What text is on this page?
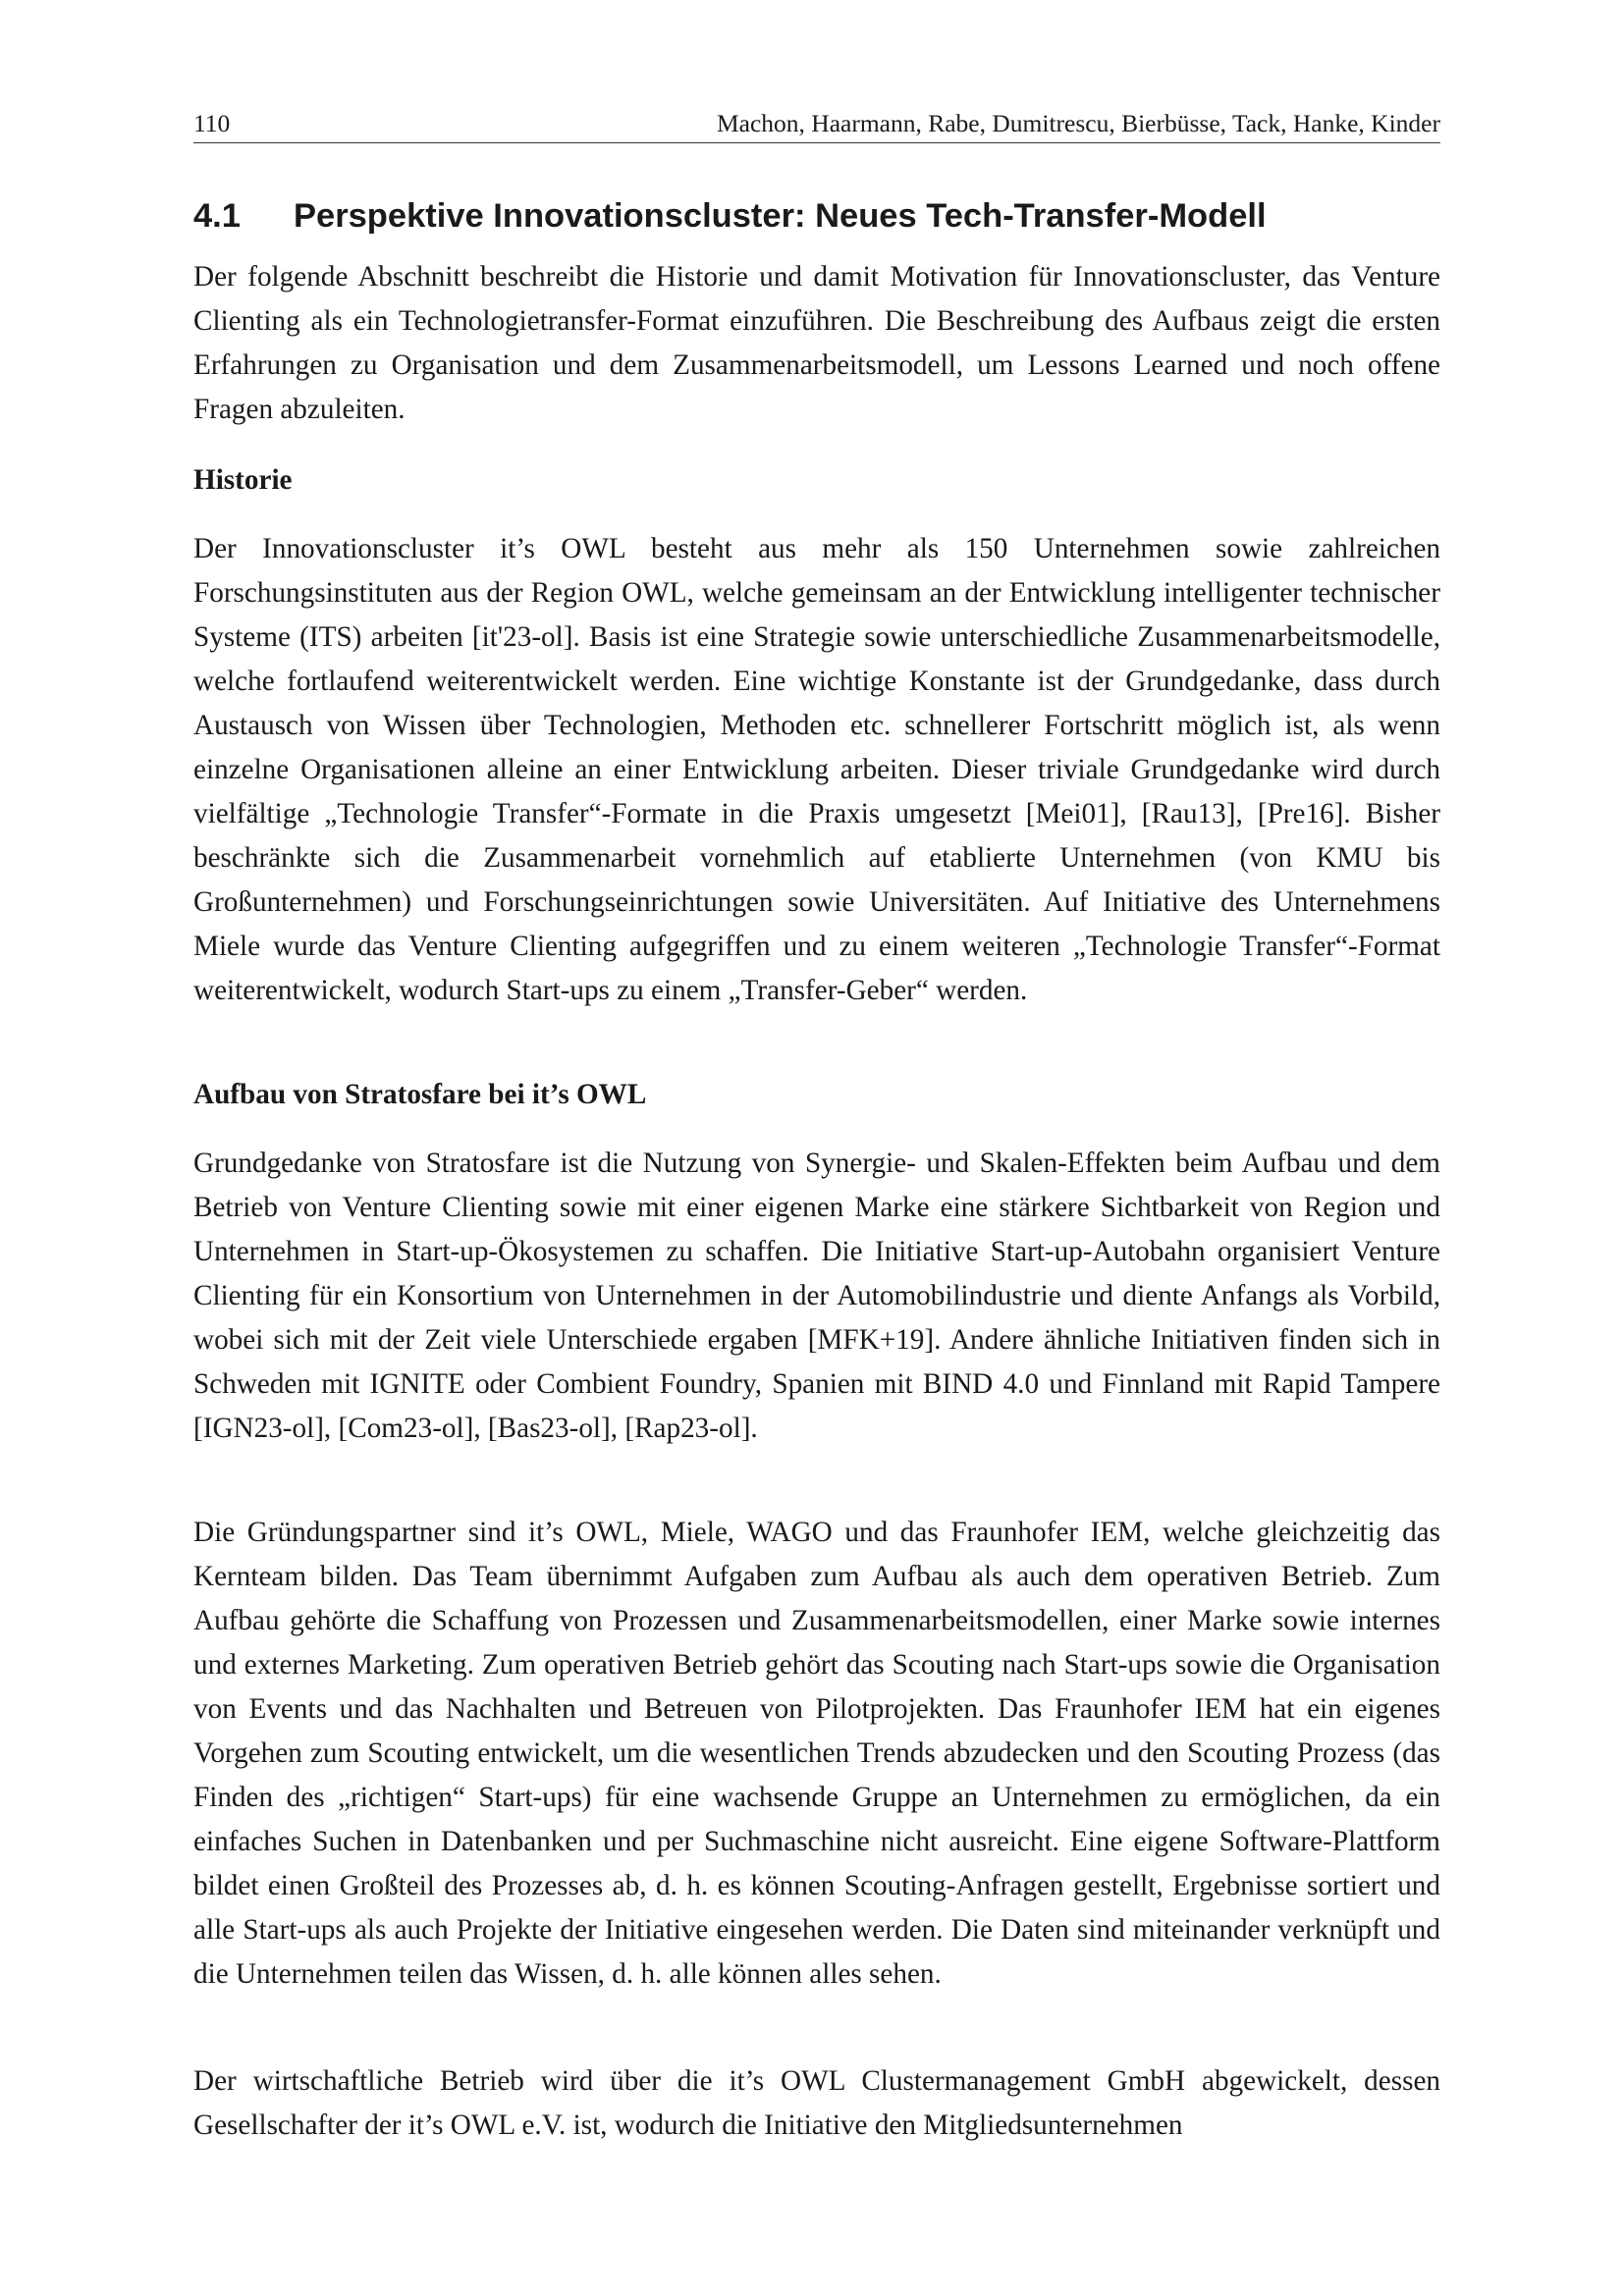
110	Machon, Haarmann, Rabe, Dumitrescu, Bierbüsse, Tack, Hanke, Kinder
4.1	Perspektive Innovationscluster: Neues Tech-Transfer-Modell

Der folgende Abschnitt beschreibt die Historie und damit Motivation für Innovationscluster, das Venture Clienting als ein Technologietransfer-Format einzuführen. Die Beschreibung des Aufbaus zeigt die ersten Erfahrungen zu Organisation und dem Zusammenarbeitsmodell, um Lessons Learned und noch offene Fragen abzuleiten.

Historie

Der Innovationscluster it’s OWL besteht aus mehr als 150 Unternehmen sowie zahlreichen Forschungsinstituten aus der Region OWL, welche gemeinsam an der Entwicklung intelligenter technischer Systeme (ITS) arbeiten [it'23-ol]. Basis ist eine Strategie sowie unterschiedliche Zusammenarbeitsmodelle, welche fortlaufend weiterentwickelt werden. Eine wichtige Konstante ist der Grundgedanke, dass durch Austausch von Wissen über Technologien, Methoden etc. schnellerer Fortschritt möglich ist, als wenn einzelne Organisationen alleine an einer Entwicklung arbeiten. Dieser triviale Grundgedanke wird durch vielfältige „Technologie Transfer“-Formate in die Praxis umgesetzt [Mei01], [Rau13], [Pre16]. Bisher beschränkte sich die Zusammenarbeit vornehmlich auf etablierte Unternehmen (von KMU bis Großunternehmen) und Forschungseinrichtungen sowie Universitäten. Auf Initiative des Unternehmens Miele wurde das Venture Clienting aufgegriffen und zu einem weiteren „Technologie Transfer“-Format weiterentwickelt, wodurch Start-ups zu einem „Transfer-Geber“ werden.

Aufbau von Stratosfare bei it’s OWL

Grundgedanke von Stratosfare ist die Nutzung von Synergie- und Skalen-Effekten beim Aufbau und dem Betrieb von Venture Clienting sowie mit einer eigenen Marke eine stärkere Sichtbarkeit von Region und Unternehmen in Start-up-Ökosystemen zu schaffen. Die Initiative Start-up-Autobahn organisiert Venture Clienting für ein Konsortium von Unternehmen in der Automobilindustrie und diente Anfangs als Vorbild, wobei sich mit der Zeit viele Unterschiede ergaben [MFK+19]. Andere ähnliche Initiativen finden sich in Schweden mit IGNITE oder Combient Foundry, Spanien mit BIND 4.0 und Finnland mit Rapid Tampere [IGN23-ol], [Com23-ol], [Bas23-ol], [Rap23-ol].

Die Gründungspartner sind it’s OWL, Miele, WAGO und das Fraunhofer IEM, welche gleichzeitig das Kernteam bilden. Das Team übernimmt Aufgaben zum Aufbau als auch dem operativen Betrieb. Zum Aufbau gehörte die Schaffung von Prozessen und Zusammenarbeitsmodellen, einer Marke sowie internes und externes Marketing. Zum operativen Betrieb gehört das Scouting nach Start-ups sowie die Organisation von Events und das Nachhalten und Betreuen von Pilotprojekten. Das Fraunhofer IEM hat ein eigenes Vorgehen zum Scouting entwickelt, um die wesentlichen Trends abzudecken und den Scouting Prozess (das Finden des „richtigen“ Start-ups) für eine wachsende Gruppe an Unternehmen zu ermöglichen, da ein einfaches Suchen in Datenbanken und per Suchmaschine nicht ausreicht. Eine eigene Software-Plattform bildet einen Großteil des Prozesses ab, d. h. es können Scouting-Anfragen gestellt, Ergebnisse sortiert und alle Start-ups als auch Projekte der Initiative eingesehen werden. Die Daten sind miteinander verknüpft und die Unternehmen teilen das Wissen, d. h. alle können alles sehen.

Der wirtschaftliche Betrieb wird über die it’s OWL Clustermanagement GmbH abgewickelt, dessen Gesellschafter der it’s OWL e.V. ist, wodurch die Initiative den Mitgliedsunternehmen
